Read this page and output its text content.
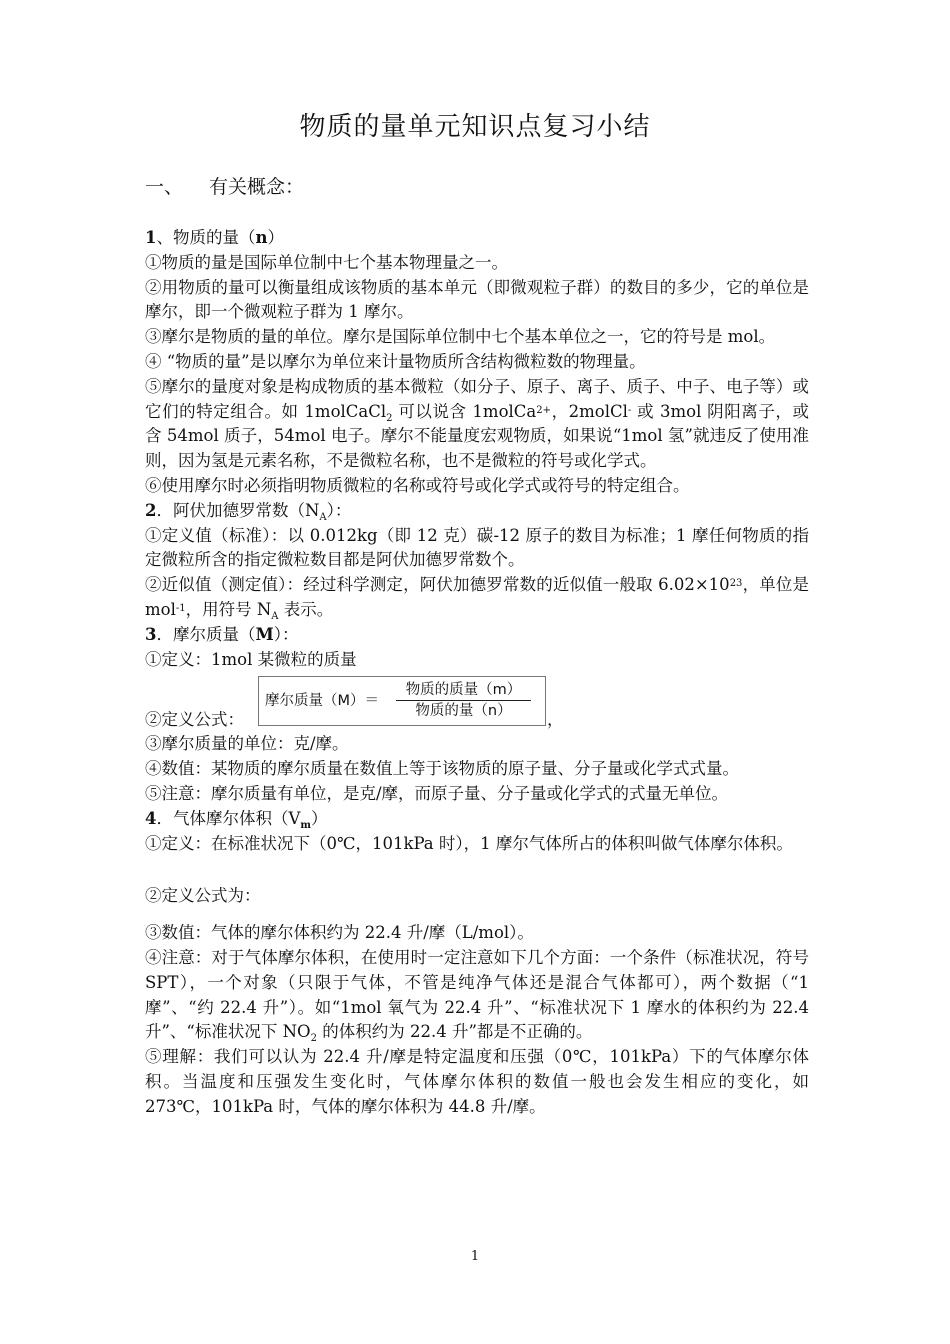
物质的量单元知识点复习小结
一、 有关概念：

1、物质的量（n）

①物质的量是国际单位制中七个基本物理量之一。

②用物质的量可以衡量组成该物质的基本单元（即微观粒子群）的数目的多少，它的单位是摩尔，即一个微观粒子群为 1 摩尔。

③摩尔是物质的量的单位。摩尔是国际单位制中七个基本单位之一，它的符号是 mol。

④ “物质的量”是以摩尔为单位来计量物质所含结构微粒数的物理量。

⑤摩尔的量度对象是构成物质的基本微粒（如分子、原子、离子、质子、中子、电子等）或它们的特定组合。如 1molCaCl$_2$ 可以说含 1molCa$^{2+}$，2molCl- 或 3mol 阴阳离子，或含 54mol 质子，54mol 电子。摩尔不能量度宏观物质，如果说“1mol 氢”就违反了使用准则，因为氢是元素名称，不是微粒名称，也不是微粒的符号或化学式。

⑥使用摩尔时必须指明物质微粒的名称或符号或化学式或符号的特定组合。

2．阿伏加德罗常数$(N_A)$：

①定义值（标准）：以 0.012kg（即 12 克）碳-12 原子的数目为标准；1 摩任何物质的指定微粒所含的指定微粒数目都是阿伏加德罗常数个。

②近似值（测定值）：经过科学测定，阿伏加德罗常数的近似值一般取 $6.02\times 10^{23}$，单位是 mol$^{-1}$，用符号 $N_A$ 表示。

3．摩尔质量（M）：

①定义：1mol 某微粒的质量

②定义公式：
摩尔质量（M）＝
物质的质量（m）
物质的量（n）	，

③摩尔质量的单位：克/摩。

④数值：某物质的摩尔质量在数值上等于该物质的原子量、分子量或化学式式量。

⑤注意：摩尔质量有单位，是克/摩，而原子量、分子量或化学式的式量无单位。

4．气体摩尔体积$(V_m)$

①定义：在标准状况下（0℃，101kPa 时），1 摩尔气体所占的体积叫做气体摩尔体积。

②定义公式为：

③数值：气体的摩尔体积约为 22.4 升/摩（L/mol）。

④注意：对于气体摩尔体积，在使用时一定注意如下几个方面：一个条件（标准状况，符号 SPT），一个对象（只限于气体，不管是纯净气体还是混合气体都可），两个数据（“1 摩”、“约 22.4 升”）。如“1mol 氧气为 22.4 升”、“标准状况下 1 摩水的体积约为 22.4 升”、“标准状况下 $NO_2$ 的体积约为 22.4 升”都是不正确的。

⑤理解：我们可以认为 22.4 升/摩是特定温度和压强（0℃，101kPa）下的气体摩尔体积。当温度和压强发生变化时，气体摩尔体积的数值一般也会发生相应的变化，如 273℃，101kPa 时，气体的摩尔体积为 44.8 升/摩。

1
